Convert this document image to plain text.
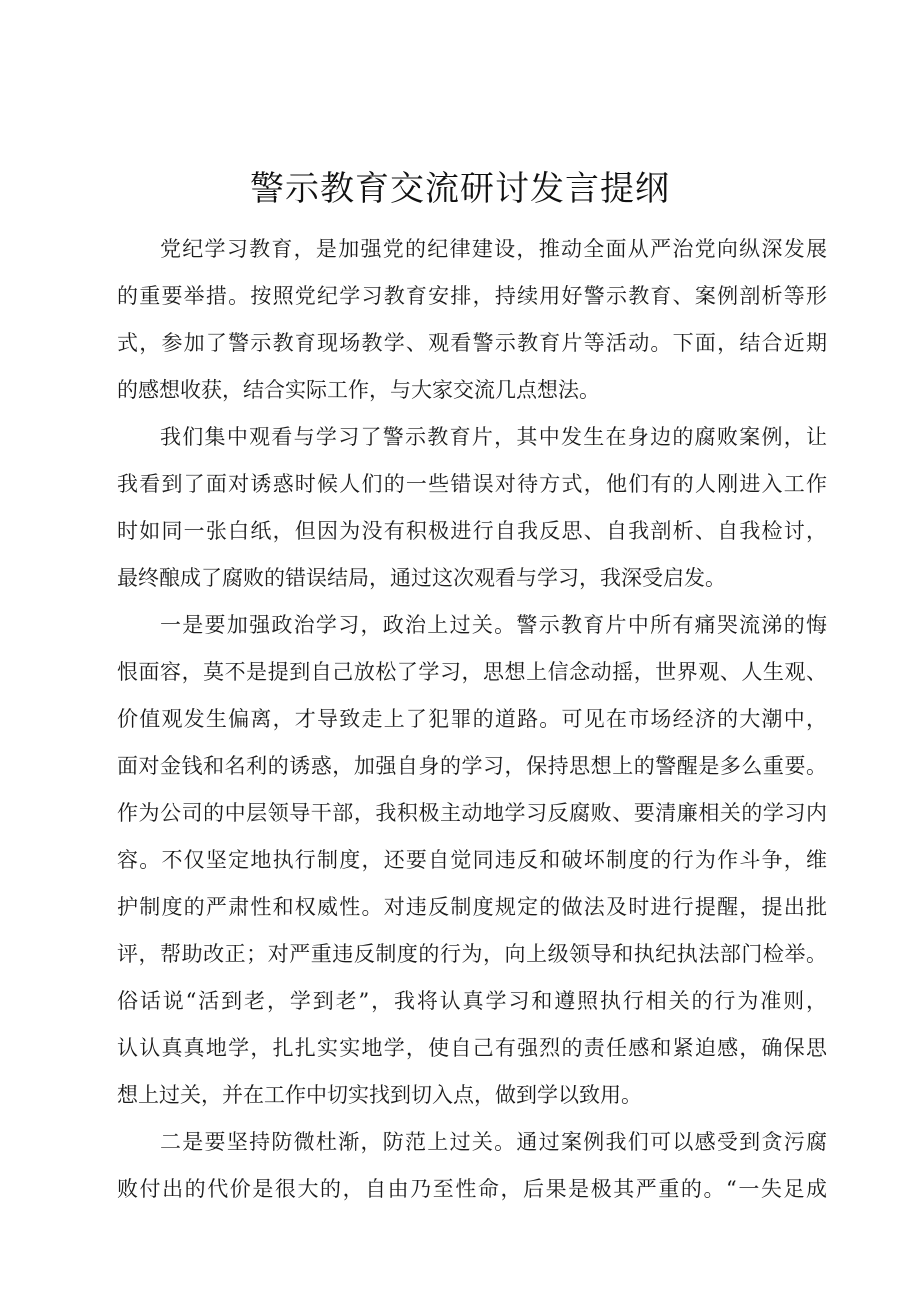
警示教育交流研讨发言提纲
党纪学习教育，是加强党的纪律建设，推动全面从严治党向纵深发展
的重要举措。按照党纪学习教育安排，持续用好警示教育、案例剖析等形
式，参加了警示教育现场教学、观看警示教育片等活动。下面，结合近期
的感想收获，结合实际工作，与大家交流几点想法。
我们集中观看与学习了警示教育片，其中发生在身边的腐败案例，让
我看到了面对诱惑时候人们的一些错误对待方式，他们有的人刚进入工作
时如同一张白纸，但因为没有积极进行自我反思、自我剖析、自我检讨，
最终酿成了腐败的错误结局，通过这次观看与学习，我深受启发。
一是要加强政治学习，政治上过关。警示教育片中所有痛哭流涕的悔
恨面容，莫不是提到自己放松了学习，思想上信念动摇，世界观、人生观、
价值观发生偏离，才导致走上了犯罪的道路。可见在市场经济的大潮中，
面对金钱和名利的诱惑，加强自身的学习，保持思想上的警醒是多么重要。
作为公司的中层领导干部，我积极主动地学习反腐败、要清廉相关的学习内
容。不仅坚定地执行制度，还要自觉同违反和破坏制度的行为作斗争，维
护制度的严肃性和权威性。对违反制度规定的做法及时进行提醒，提出批
评，帮助改正；对严重违反制度的行为，向上级领导和执纪执法部门检举。
俗话说“活到老，学到老”，我将认真学习和遵照执行相关的行为准则，
认认真真地学，扎扎实实地学，使自己有强烈的责任感和紧迫感，确保思
想上过关，并在工作中切实找到切入点，做到学以致用。
二是要坚持防微杜渐，防范上过关。通过案例我们可以感受到贪污腐
败付出的代价是很大的，自由乃至性命，后果是极其严重的。“一失足成
